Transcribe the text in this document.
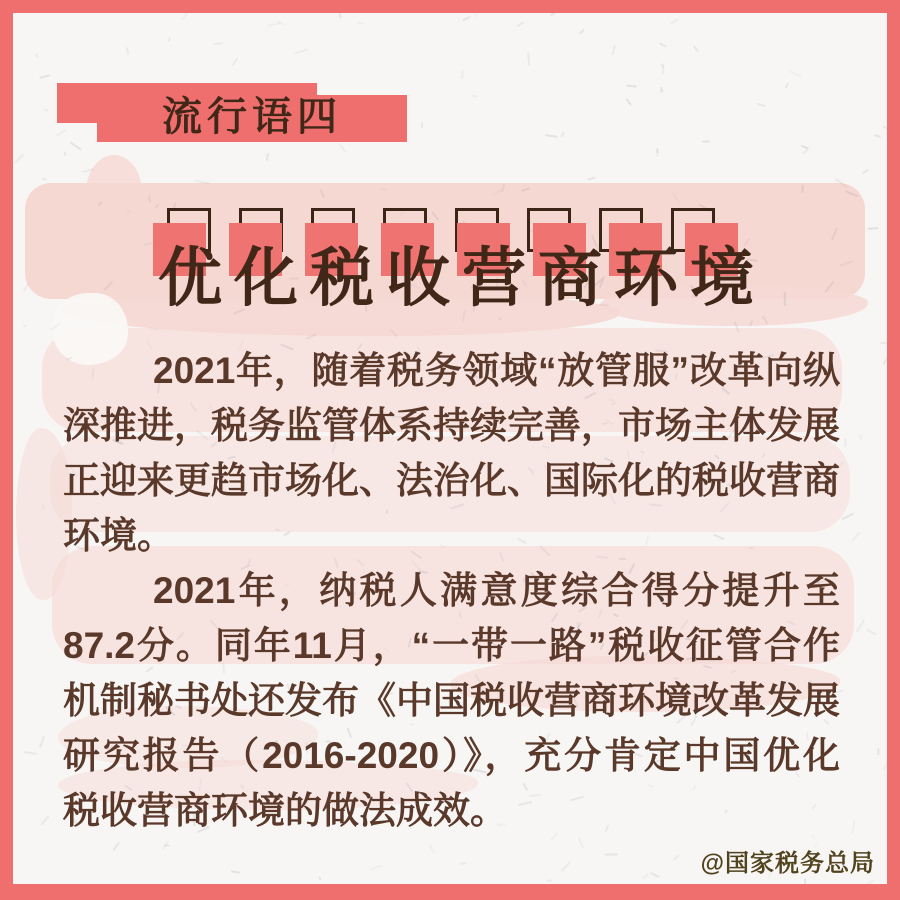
流行语四
优 化 税 收 营 商 环 境
2021年，随着税务领域“放管服”改革向纵
深推进，税务监管体系持续完善，市场主体发展
正迎来更趋市场化、法治化、国际化的税收营商
环境。
2021年，纳税人满意度综合得分提升至
87.2分。同年11月，“一带一路”税收征管合作
机制秘书处还发布《中国税收营商环境改革发展
研究报告（2016-2020）》，充分肯定中国优化
税收营商环境的做法成效。
@国家税务总局
